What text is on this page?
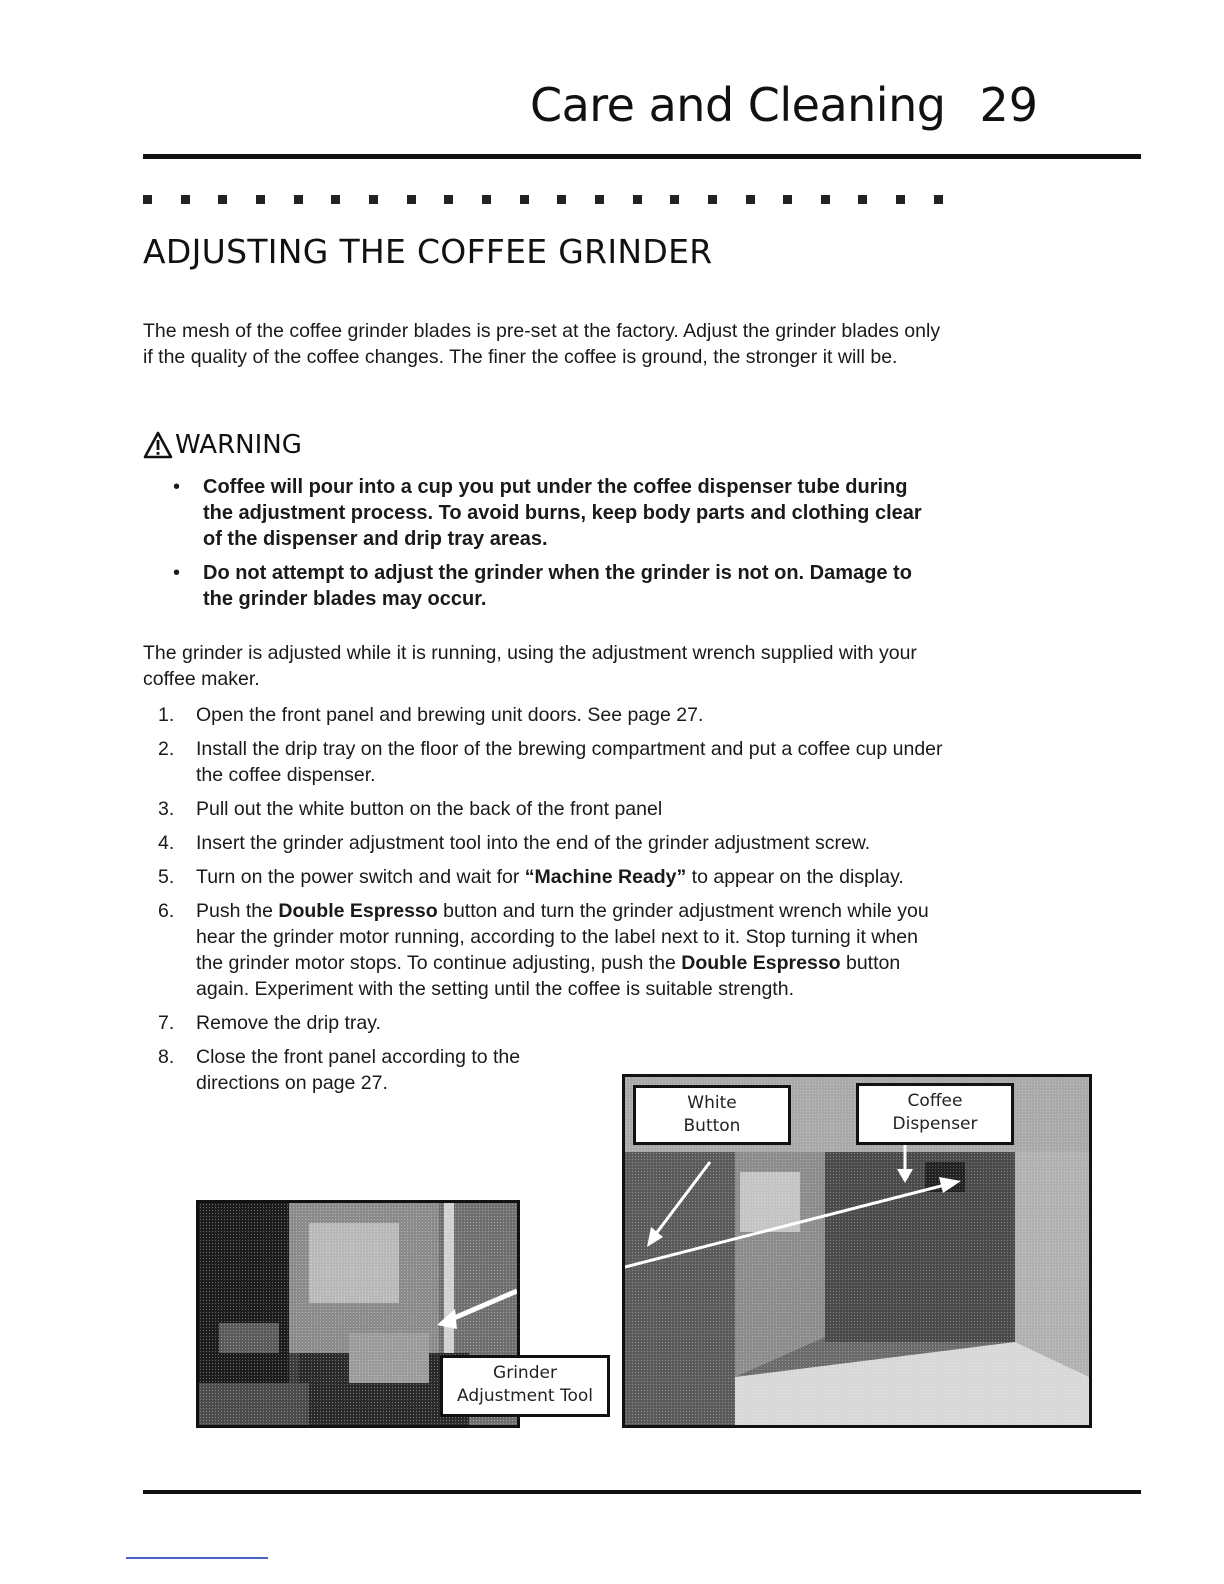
Care and Cleaning 29
ADJUSTING THE COFFEE GRINDER

The mesh of the coffee grinder blades is pre-set at the factory. Adjust the grinder blades only if the quality of the coffee changes. The finer the coffee is ground, the stronger it will be.

WARNING
• Coffee will pour into a cup you put under the coffee dispenser tube during the adjustment process. To avoid burns, keep body parts and clothing clear of the dispenser and drip tray areas.
• Do not attempt to adjust the grinder when the grinder is not on. Damage to the grinder blades may occur.

The grinder is adjusted while it is running, using the adjustment wrench supplied with your coffee maker.

1.	Open the front panel and brewing unit doors. See page 27.
2.	Install the drip tray on the floor of the brewing compartment and put a coffee cup under the coffee dispenser.
3.	Pull out the white button on the back of the front panel
4.	Insert the grinder adjustment tool into the end of the grinder adjustment screw.
5.	Turn on the power switch and wait for “Machine Ready” to appear on the display.
6.	Push the Double Espresso button and turn the grinder adjustment wrench while you hear the grinder motor running, according to the label next to it. Stop turning it when the grinder motor stops. To continue adjusting, push the Double Espresso button again. Experiment with the setting until the coffee is suitable strength.
7.	Remove the drip tray.
8.	Close the front panel according to the directions on page 27.
Grinder
Adjustment Tool
White
Button
Coffee
Dispenser
